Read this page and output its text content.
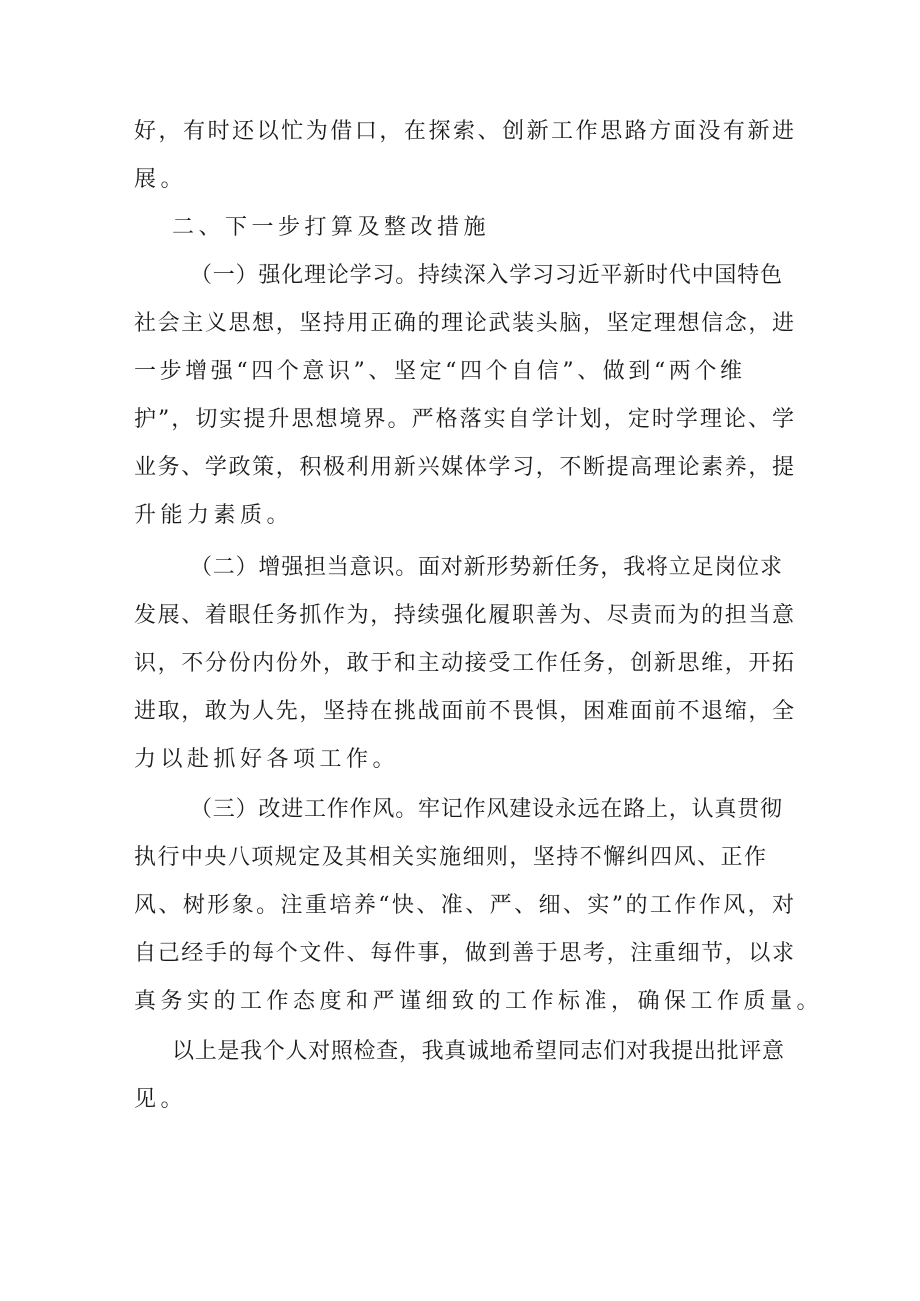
好，有时还以忙为借口，在探索、创新工作思路方面没有新进
展。
二、下一步打算及整改措施
（一）强化理论学习。持续深入学习习近平新时代中国特色
社会主义思想，坚持用正确的理论武装头脑，坚定理想信念，进
一步增强“四个意识”、坚定“四个自信”、做到“两个维
护”，切实提升思想境界。严格落实自学计划，定时学理论、学
业务、学政策，积极利用新兴媒体学习，不断提高理论素养，提
升能力素质。
（二）增强担当意识。面对新形势新任务，我将立足岗位求
发展、着眼任务抓作为，持续强化履职善为、尽责而为的担当意
识，不分份内份外，敢于和主动接受工作任务，创新思维，开拓
进取，敢为人先，坚持在挑战面前不畏惧，困难面前不退缩，全
力以赴抓好各项工作。
（三）改进工作作风。牢记作风建设永远在路上，认真贯彻
执行中央八项规定及其相关实施细则，坚持不懈纠四风、正作
风、树形象。注重培养“快、准、严、细、实”的工作作风，对
自己经手的每个文件、每件事，做到善于思考，注重细节，以求
真务实的工作态度和严谨细致的工作标准，确保工作质量。
以上是我个人对照检查，我真诚地希望同志们对我提出批评意
见。
